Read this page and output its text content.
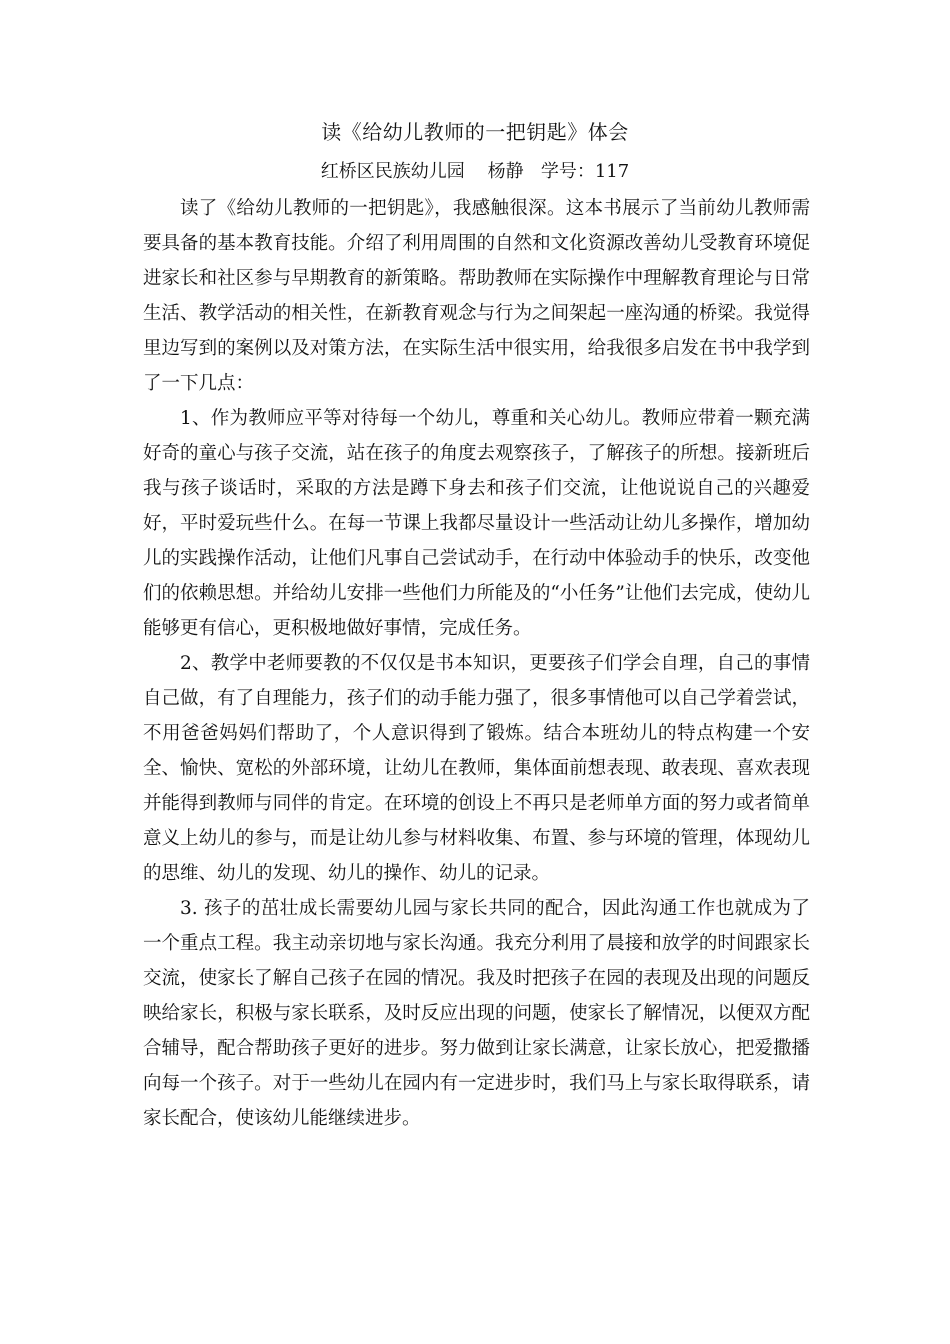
读《给幼儿教师的一把钥匙》体会
红桥区民族幼儿园    杨静   学号：117

读了《给幼儿教师的一把钥匙》，我感触很深。这本书展示了当前幼儿教师需要具备的基本教育技能。介绍了利用周围的自然和文化资源改善幼儿受教育环境促进家长和社区参与早期教育的新策略。帮助教师在实际操作中理解教育理论与日常生活、教学活动的相关性，在新教育观念与行为之间架起一座沟通的桥梁。我觉得里边写到的案例以及对策方法，在实际生活中很实用，给我很多启发在书中我学到了一下几点：

1、作为教师应平等对待每一个幼儿，尊重和关心幼儿。教师应带着一颗充满好奇的童心与孩子交流，站在孩子的角度去观察孩子，了解孩子的所想。接新班后我与孩子谈话时，采取的方法是蹲下身去和孩子们交流，让他说说自己的兴趣爱好，平时爱玩些什么。在每一节课上我都尽量设计一些活动让幼儿多操作，增加幼儿的实践操作活动，让他们凡事自己尝试动手，在行动中体验动手的快乐，改变他们的依赖思想。并给幼儿安排一些他们力所能及的“小任务”让他们去完成，使幼儿能够更有信心，更积极地做好事情，完成任务。

2、教学中老师要教的不仅仅是书本知识，更要孩子们学会自理，自己的事情自己做，有了自理能力，孩子们的动手能力强了，很多事情他可以自己学着尝试，不用爸爸妈妈们帮助了，个人意识得到了锻炼。结合本班幼儿的特点构建一个安全、愉快、宽松的外部环境，让幼儿在教师，集体面前想表现、敢表现、喜欢表现并能得到教师与同伴的肯定。在环境的创设上不再只是老师单方面的努力或者简单意义上幼儿的参与，而是让幼儿参与材料收集、布置、参与环境的管理，体现幼儿的思维、幼儿的发现、幼儿的操作、幼儿的记录。

3. 孩子的茁壮成长需要幼儿园与家长共同的配合，因此沟通工作也就成为了一个重点工程。我主动亲切地与家长沟通。我充分利用了晨接和放学的时间跟家长交流，使家长了解自己孩子在园的情况。我及时把孩子在园的表现及出现的问题反映给家长，积极与家长联系，及时反应出现的问题，使家长了解情况，以便双方配合辅导，配合帮助孩子更好的进步。努力做到让家长满意，让家长放心，把爱撒播向每一个孩子。对于一些幼儿在园内有一定进步时，我们马上与家长取得联系，请家长配合，使该幼儿能继续进步。
